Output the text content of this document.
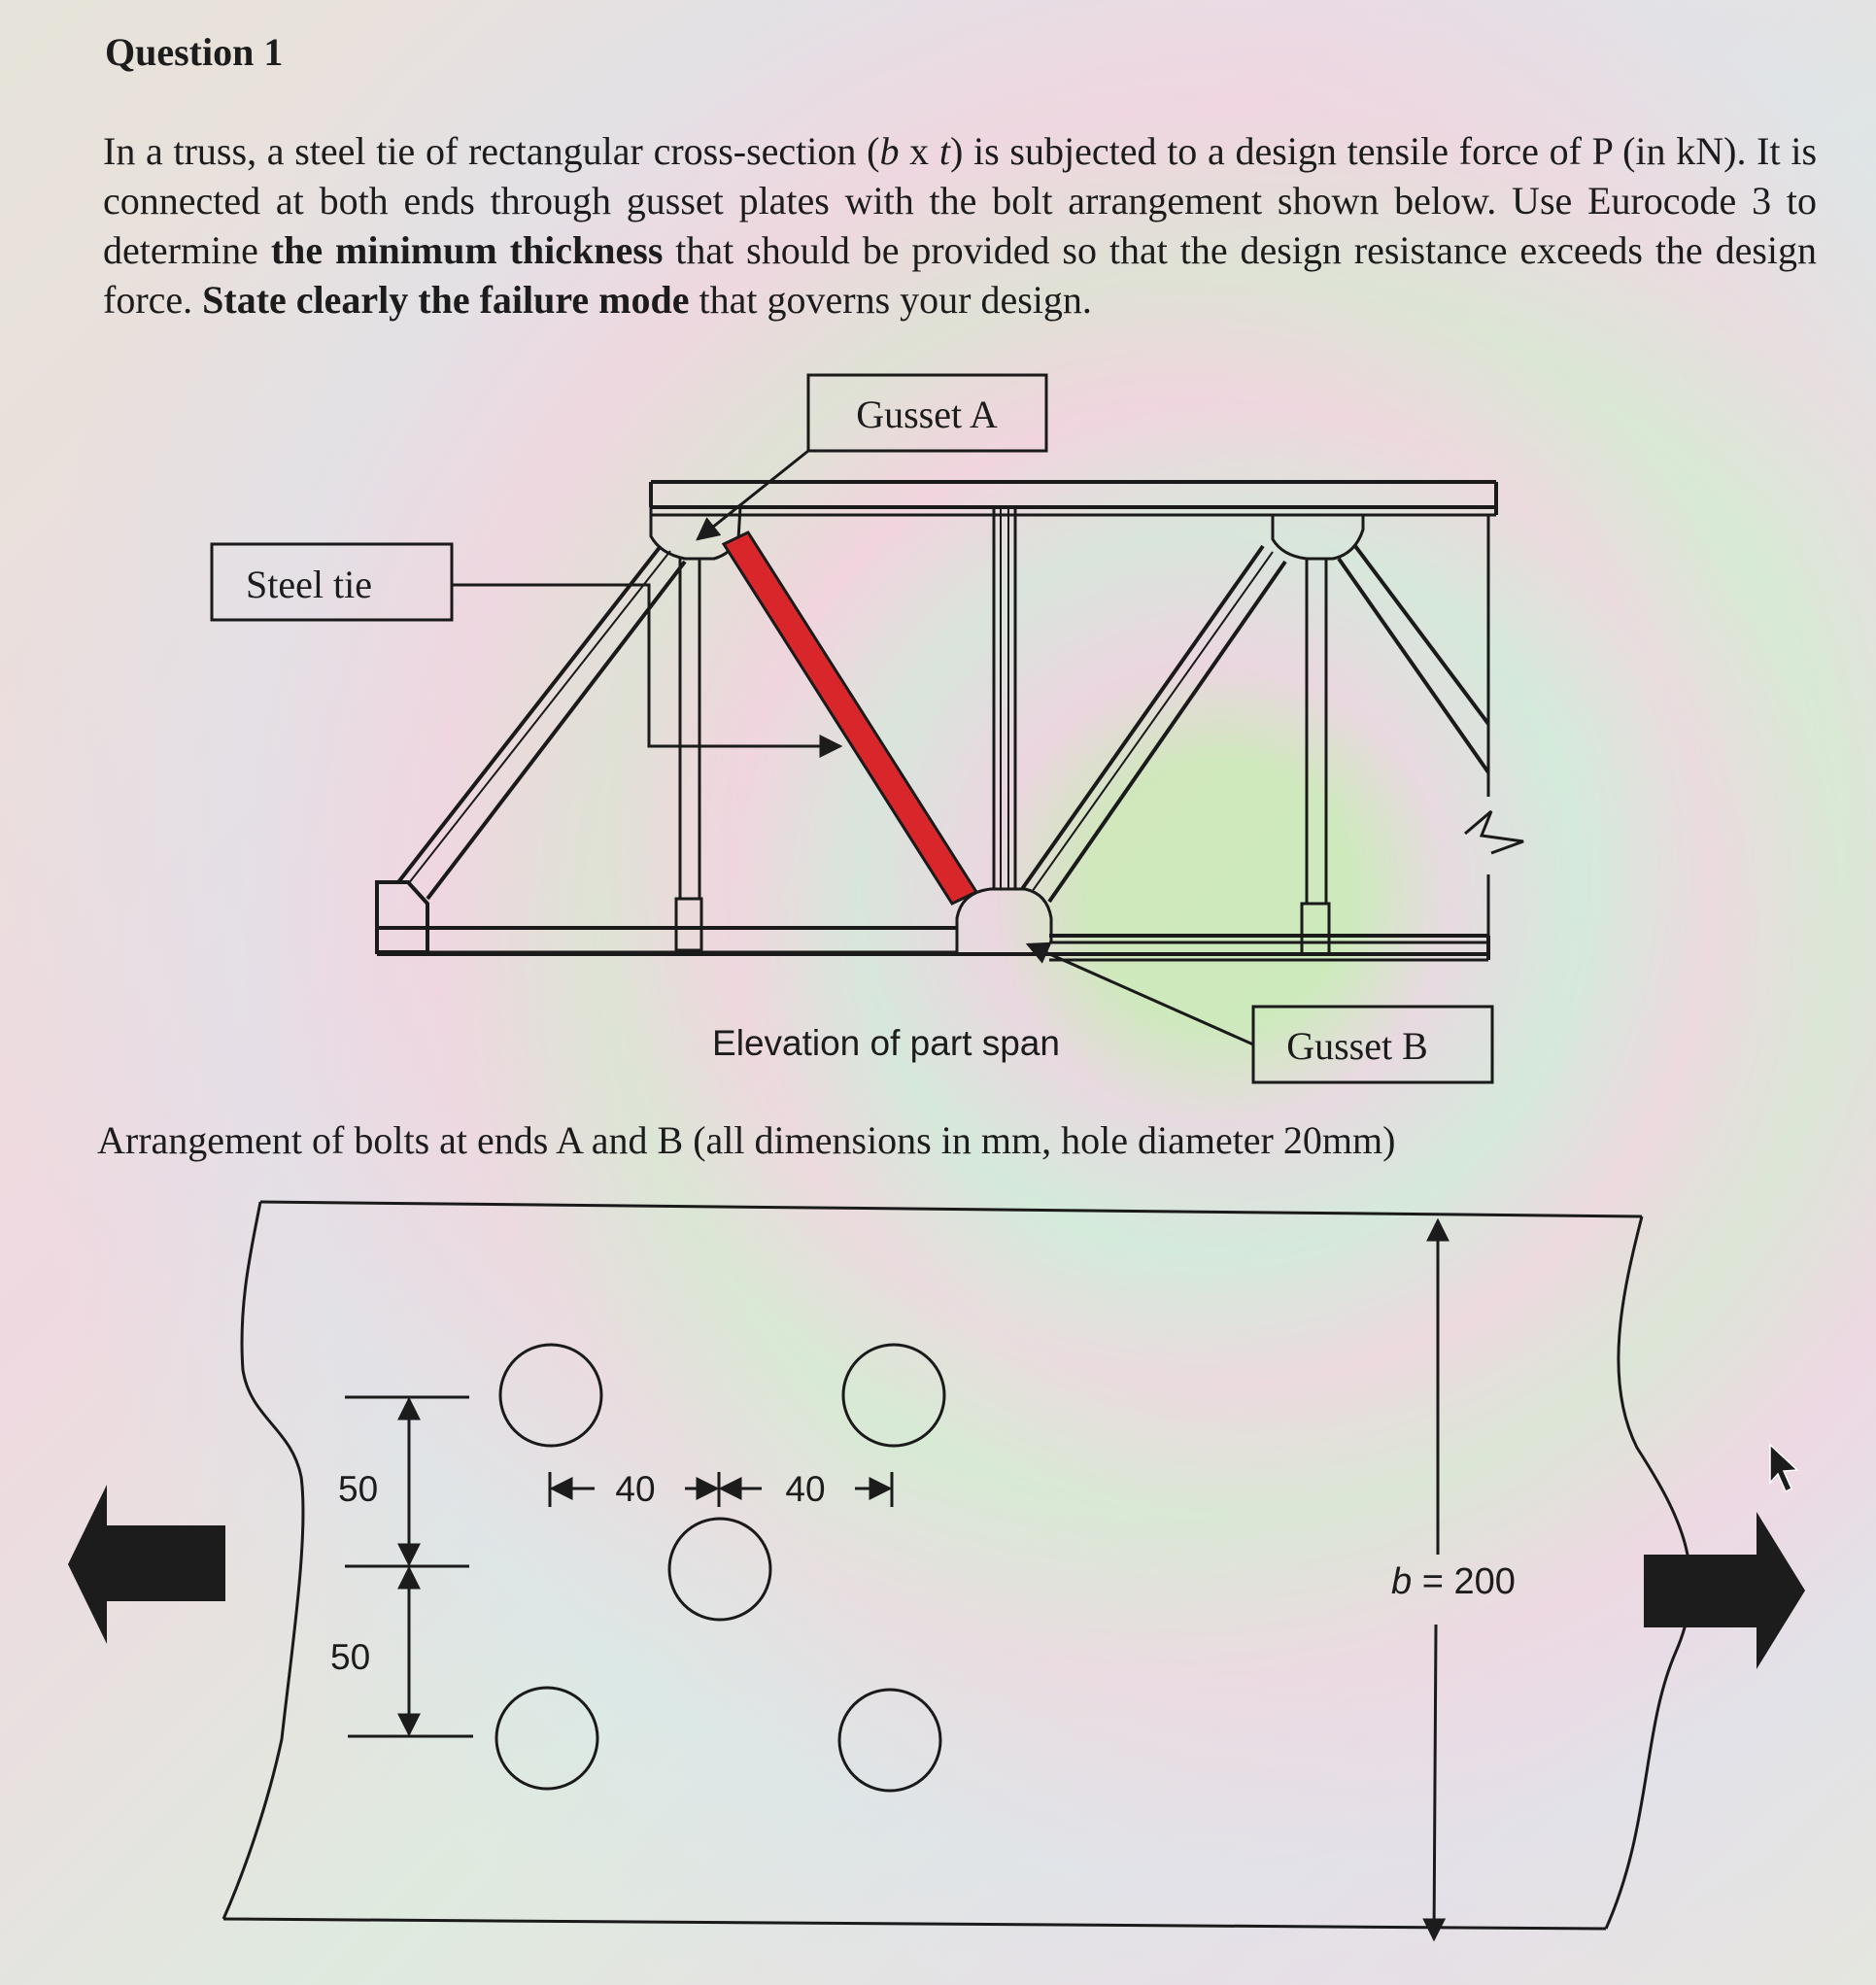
Question 1

In a truss, a steel tie of rectangular cross-section (b x t) is subjected to a design tensile force of P (in kN). It is connected at both ends through gusset plates with the bolt arrangement shown below. Use Eurocode 3 to determine the minimum thickness that should be provided so that the design resistance exceeds the design force. State clearly the failure mode that governs your design.

Gusset A
Steel tie
Elevation of part span	Gusset B
Arrangement of bolts at ends A and B (all dimensions in mm, hole diameter 20mm)
50
50
40	40
b = 200
